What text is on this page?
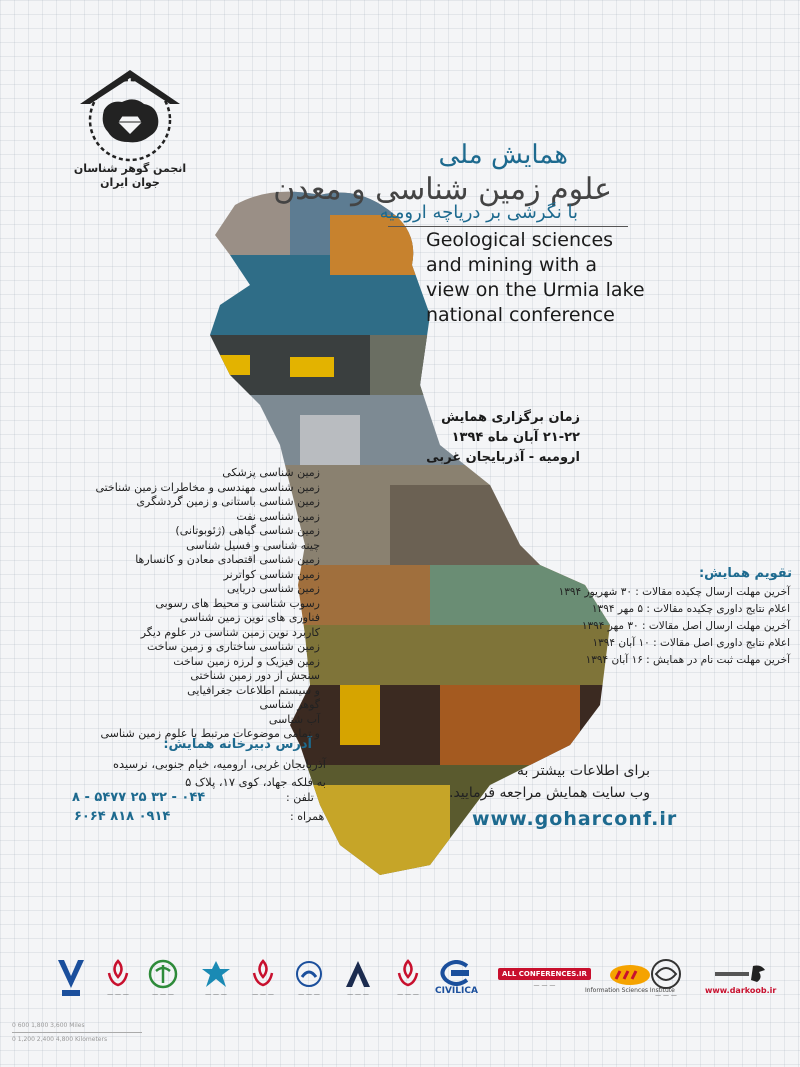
انجمن گوهر شناسان
جوان ایران
همایش ملی
علوم زمین شناسی و معدن
با نگرشی بر دریاچه ارومیه
Geological sciences
and mining with a
view on the Urmia lake
national conference
زمان برگزاری همایش
۲۱-۲۲ آبان ماه ۱۳۹۴
ارومیه - آذربایجان غربی
زمین شناسی پزشکی
زمین شناسی مهندسی و مخاطرات زمین شناختی
زمین شناسی باستانی و زمین گردشگری
زمین شناسی نفت
زمین شناسی گیاهی (ژئوبوتانی)
چینه شناسی و فسیل شناسی
زمین شناسی اقتصادی معادن و کانسارها
زمین شناسی کواترنر
زمین شناسی دریایی
رسوب شناسی و محیط های رسوبی
فناوری های نوین زمین شناسی
کاربرد نوین زمین شناسی در علوم دیگر
زمین شناسی ساختاری و زمین ساخت
زمین فیزیک و لرزه زمین ساخت
سنجش از دور زمین شناختی
و سیستم اطلاعات جغرافیایی
گوهر شناسی
آب شناسی
و تمامی موضوعات مرتبط با علوم زمین شناسی
تقویم همایش:
آخرین مهلت ارسال چکیده مقالات : ۳۰ شهریور ۱۳۹۴
اعلام نتایج داوری چکیده مقالات : ۵ مهر ۱۳۹۴
آخرین مهلت ارسال اصل مقالات : ۳۰ مهر ۱۳۹۴
اعلام نتایج داوری اصل مقالات : ۱۰ آبان ۱۳۹۴
آخرین مهلت ثبت نام در همایش : ۱۶ آبان ۱۳۹۴
آدرس دبیرخانه همایش:
آذربایجان غربی، ارومیه، خیام جنوبی، نرسیده
به فلکه جهاد، کوی ۱۷، پلاک ۵
تلفن :
۰۴۴ - ۳۲ ۲۵ ۵۴۷۷ - ۸
همراه :
۰۹۱۴ ۸۱۸ ۶۰۶۴
برای اطلاعات بیشتر به
وب سایت همایش مراجعه فرمایید.
www.goharconf.ir
— — —	— — —	— — —	— — —	— — —	— — —	— — — CIVILICA
ALL CONFERENCES.IR
— — —
Information Sciences Institute
— — —
www.darkoob.ir
0 600 1,800 3,600 Miles
0 1,200 2,400 4,800 Kilometers
